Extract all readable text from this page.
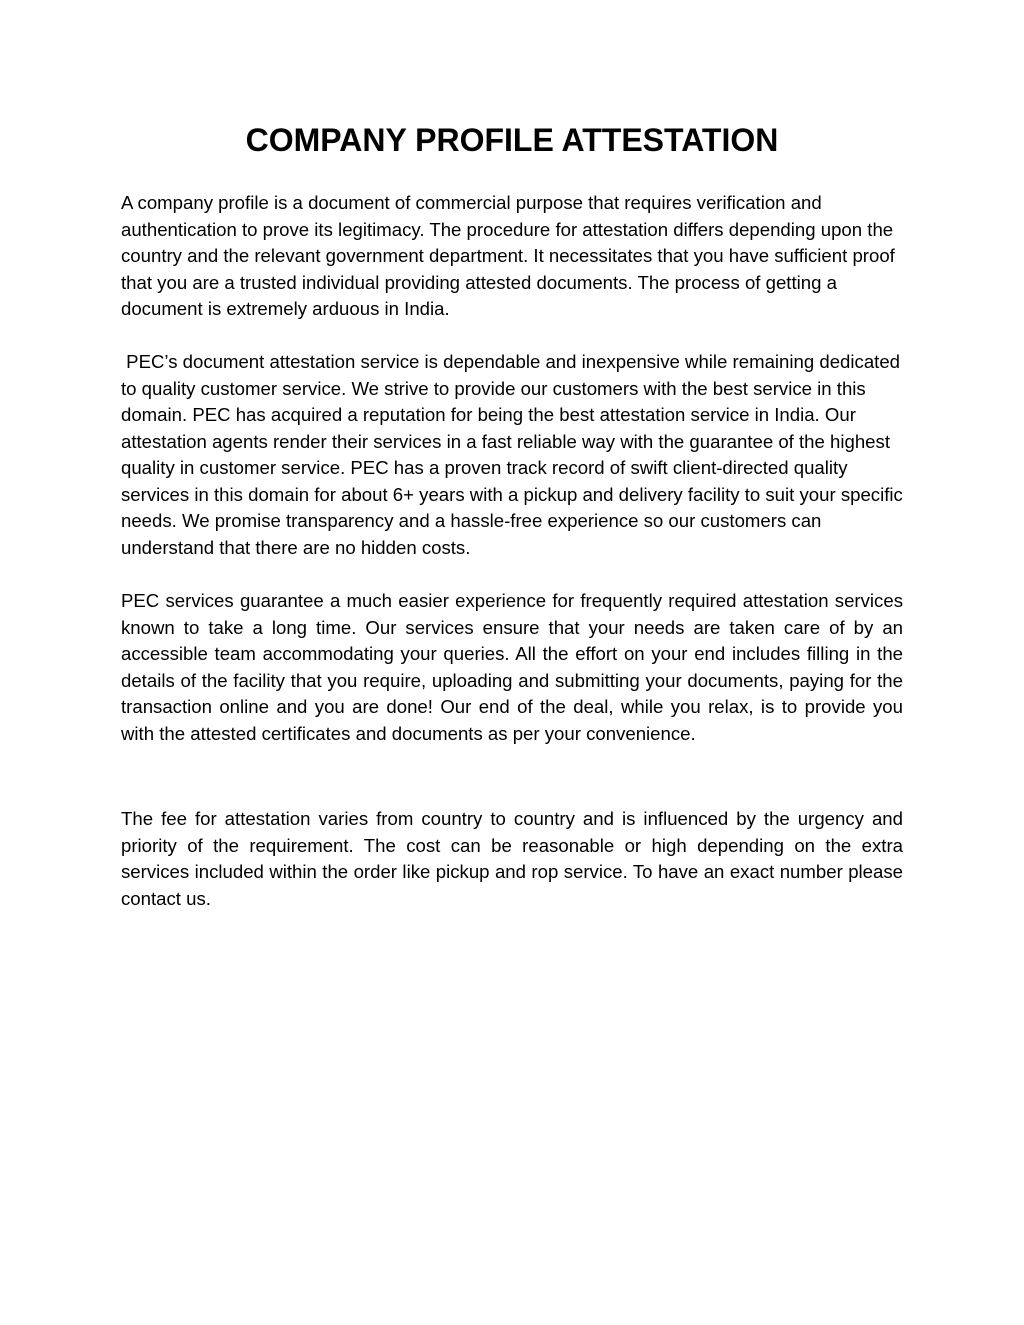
COMPANY PROFILE ATTESTATION

A company profile is a document of commercial purpose that requires verification and authentication to prove its legitimacy. The procedure for attestation differs depending upon the country and the relevant government department. It necessitates that you have sufficient proof that you are a trusted individual providing attested documents. The process of getting a document is extremely arduous in India.

PEC’s document attestation service is dependable and inexpensive while remaining dedicated to quality customer service. We strive to provide our customers with the best service in this domain. PEC has acquired a reputation for being the best attestation service in India. Our attestation agents render their services in a fast reliable way with the guarantee of the highest quality in customer service. PEC has a proven track record of swift client-directed quality services in this domain for about 6+ years with a pickup and delivery facility to suit your specific needs. We promise transparency and a hassle-free experience so our customers can understand that there are no hidden costs.

PEC services guarantee a much easier experience for frequently required attestation services known to take a long time. Our services ensure that your needs are taken care of by an accessible team accommodating your queries. All the effort on your end includes filling in the details of the facility that you require, uploading and submitting your documents, paying for the transaction online and you are done! Our end of the deal, while you relax, is to provide you with the attested certificates and documents as per your convenience.

The fee for attestation varies from country to country and is influenced by the urgency and priority of the requirement. The cost can be reasonable or high depending on the extra services included within the order like pickup and rop service. To have an exact number please contact us.
